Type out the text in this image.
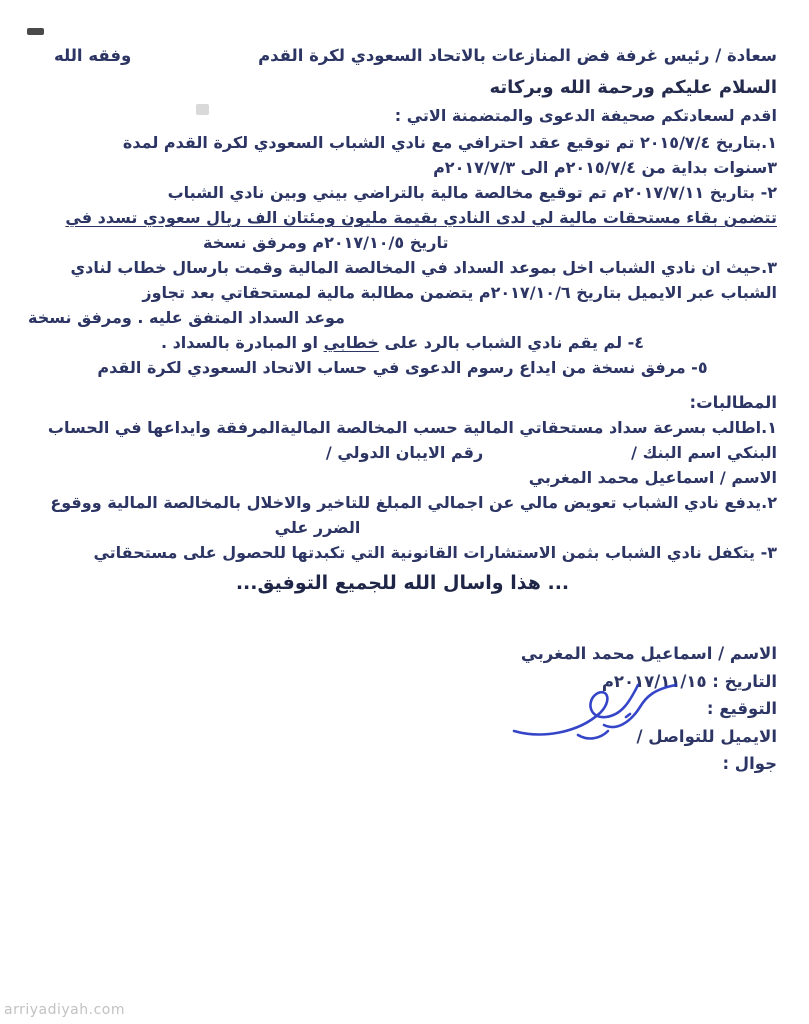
سعادة / رئيس غرفة فض المنازعات بالاتحاد السعودي لكرة القدم
وفقه الله
السلام عليكم ورحمة الله وبركاته
اقدم لسعادتكم صحيفة الدعوى والمتضمنة الاتي :
١.بتاريخ ٢٠١٥/٧/٤ تم توقيع عقد احترافي مع نادي الشباب السعودي لكرة القدم لمدة
٣سنوات بداية من ٢٠١٥/٧/٤م الى ٢٠١٧/٧/٣م
٢- بتاريخ ٢٠١٧/٧/١١م تم توقيع مخالصة مالية بالتراضي بيني وبين نادي الشباب
تتضمن بقاء مستحقات مالية لي لدى النادي بقيمة مليون ومئتان الف ريال سعودي تسدد في
تاريخ ٢٠١٧/١٠/٥م ومرفق نسخة
٣.حيث ان نادي الشباب اخل بموعد السداد في المخالصة المالية وقمت بارسال خطاب لنادي
الشباب عبر الايميل بتاريخ ٢٠١٧/١٠/٦م يتضمن مطالبة مالية لمستحقاتي بعد تجاوز
موعد السداد المتفق عليه . ومرفق نسخة
٤- لم يقم نادي الشباب بالرد على خطابي او المبادرة بالسداد .
٥- مرفق نسخة من ايداع رسوم الدعوى في حساب الاتحاد السعودي لكرة القدم
المطالبات:
١.اطالب بسرعة سداد مستحقاتي المالية حسب المخالصة الماليةالمرفقة وايداعها في الحساب
البنكي اسم البنك /
رقم الايبان الدولي /
الاسم / اسماعيل محمد المغربي
٢.يدفع نادي الشباب تعويض مالي عن اجمالي المبلغ للتاخير والاخلال بالمخالصة المالية ووقوع
الضرر علي
٣- يتكفل نادي الشباب بثمن الاستشارات القانونية التي تكبدتها للحصول على مستحقاتي
... هذا واسال الله للجميع التوفيق...
الاسم / اسماعيل محمد المغربي
التاريخ : ٢٠١٧/١١/١٥م
التوقيع :
الايميل للتواصل /
جوال :
arriyadiyah.com
